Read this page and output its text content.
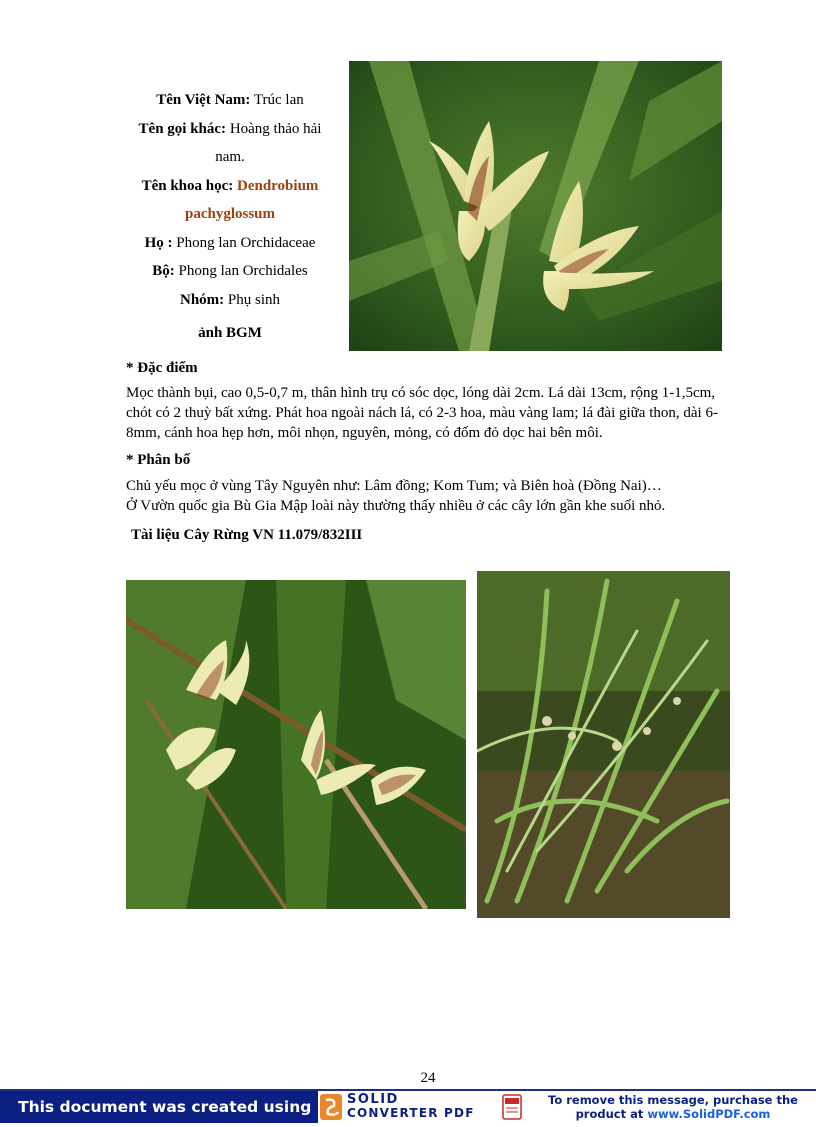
Tên Việt Nam: Trúc lan
Tên gọi khác: Hoàng thảo hải nam.
Tên khoa học: Dendrobium pachyglossum
Họ : Phong lan Orchidaceae
Bộ: Phong lan Orchidales
Nhóm: Phụ sinh
ảnh BGM
* Đặc điểm
Mọc thành bụi, cao 0,5-0,7 m, thân hình trụ có sóc dọc, lóng dài 2cm. Lá dài 13cm, rộng 1-1,5cm, chót có 2 thuỳ bất xứng. Phát hoa ngoài nách lá, có 2-3 hoa, màu vàng lam; lá đài giữa thon, dài 6-8mm, cánh hoa hẹp hơn, môi nhọn, nguyên, mỏng, có đốm đỏ dọc hai bên môi.
* Phân bố
Chủ yếu mọc ở vùng Tây Nguyên như: Lâm đồng; Kom Tum; và Biên hoà (Đồng Nai)…
Ở Vườn quốc gia Bù Gia Mập loài này thường thấy nhiều ở các cây lớn gần khe suối nhỏ.
Tài liệu Cây Rừng VN 11.079/832III
24
This document was created using	SOLID
CONVERTER PDF
To remove this message, purchase the
product at www.SolidPDF.com
